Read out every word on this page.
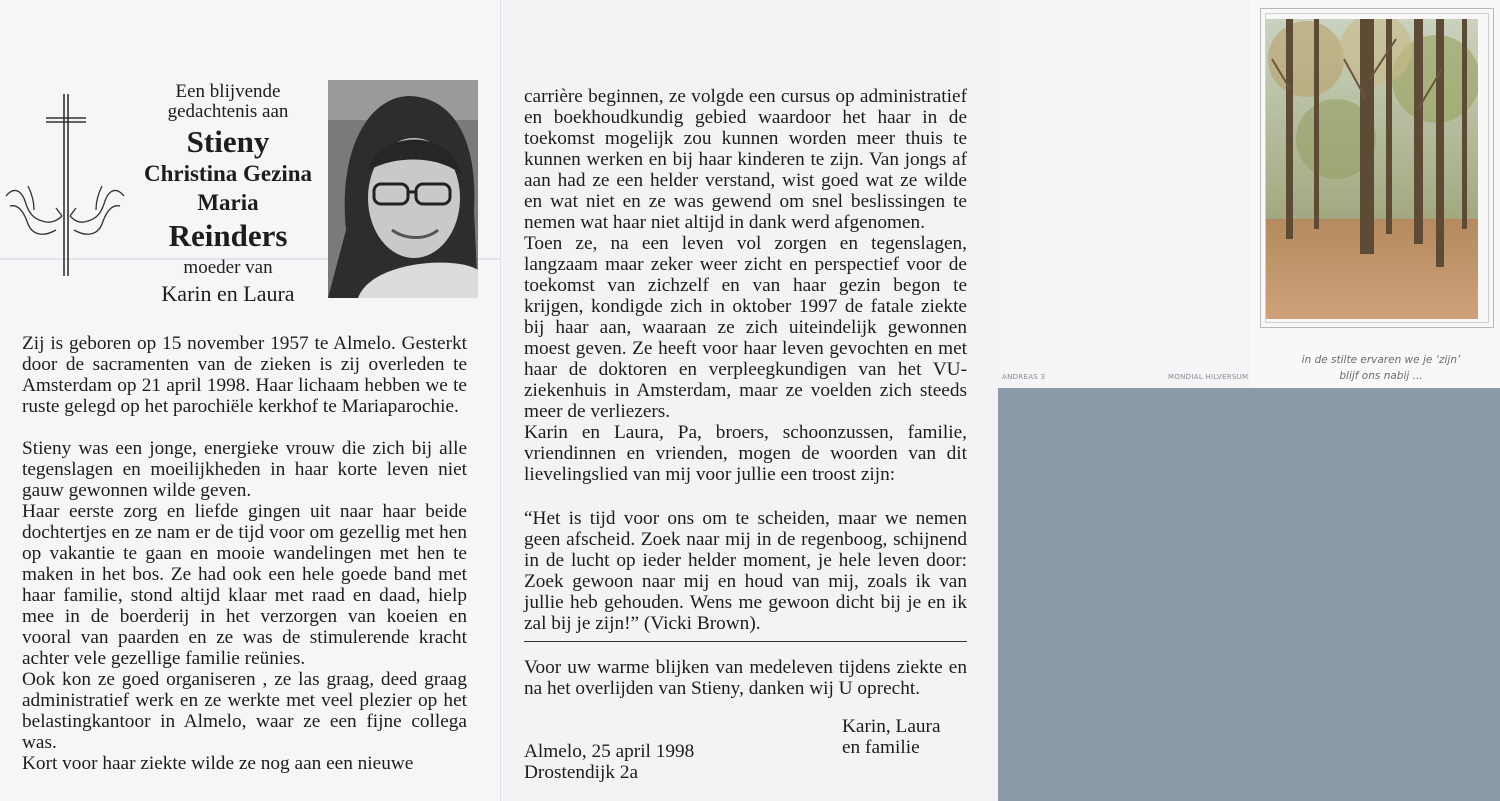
Een blijvende
gedachtenis aan
Stieny
Christina Gezina
Maria
Reinders
moeder van
Karin en Laura

Zij is geboren op 15 november 1957 te Almelo. Gesterkt door de sacramenten van de zieken is zij overleden te Amsterdam op 21 april 1998. Haar lichaam hebben we te ruste gelegd op het parochiële kerkhof te Mariaparochie.

Stieny was een jonge, energieke vrouw die zich bij alle tegenslagen en moeilijkheden in haar korte leven niet gauw gewonnen wilde geven.

Haar eerste zorg en liefde gingen uit naar haar beide dochtertjes en ze nam er de tijd voor om gezellig met hen op vakantie te gaan en mooie wandelingen met hen te maken in het bos. Ze had ook een hele goede band met haar familie, stond altijd klaar met raad en daad, hielp mee in de boerderij in het verzorgen van koeien en vooral van paarden en ze was de stimulerende kracht achter vele gezellige familie reünies.

Ook kon ze goed organiseren , ze las graag, deed graag administratief werk en ze werkte met veel plezier op het belastingkantoor in Almelo, waar ze een fijne collega was.

Kort voor haar ziekte wilde ze nog aan een nieuwe

carrière beginnen, ze volgde een cursus op administratief en boekhoudkundig gebied waardoor het haar in de toekomst mogelijk zou kunnen worden meer thuis te kunnen werken en bij haar kinderen te zijn. Van jongs af aan had ze een helder verstand, wist goed wat ze wilde en wat niet en ze was gewend om snel beslissingen te nemen wat haar niet altijd in dank werd afgenomen.

Toen ze, na een leven vol zorgen en tegenslagen, langzaam maar zeker weer zicht en perspectief voor de toekomst van zichzelf en van haar gezin begon te krijgen, kondigde zich in oktober 1997 de fatale ziekte bij haar aan, waaraan ze zich uiteindelijk gewonnen moest geven. Ze heeft voor haar leven gevochten en met haar de doktoren en verpleegkundigen van het VU-ziekenhuis in Amsterdam, maar ze voelden zich steeds meer de verliezers.

Karin en Laura, Pa, broers, schoonzussen, familie, vriendinnen en vrienden, mogen de woorden van dit lievelingslied van mij voor jullie een troost zijn:

“Het is tijd voor ons om te scheiden, maar we nemen geen afscheid. Zoek naar mij in de regenboog, schijnend in de lucht op ieder helder moment, je hele leven door: Zoek gewoon naar mij en houd van mij, zoals ik van jullie heb gehouden. Wens me gewoon dicht bij je en ik zal bij je zijn!” (Vicki Brown).
Voor uw warme blijken van medeleven tijdens ziekte en na het overlijden van Stieny, danken wij U oprecht.
Karin, Laura
en familie
Almelo, 25 april 1998
Drostendijk 2a
ANDREAS 3	MONDIAL HILVERSUM
in de stilte ervaren we je ‘zijn’
blijf ons nabij ...
